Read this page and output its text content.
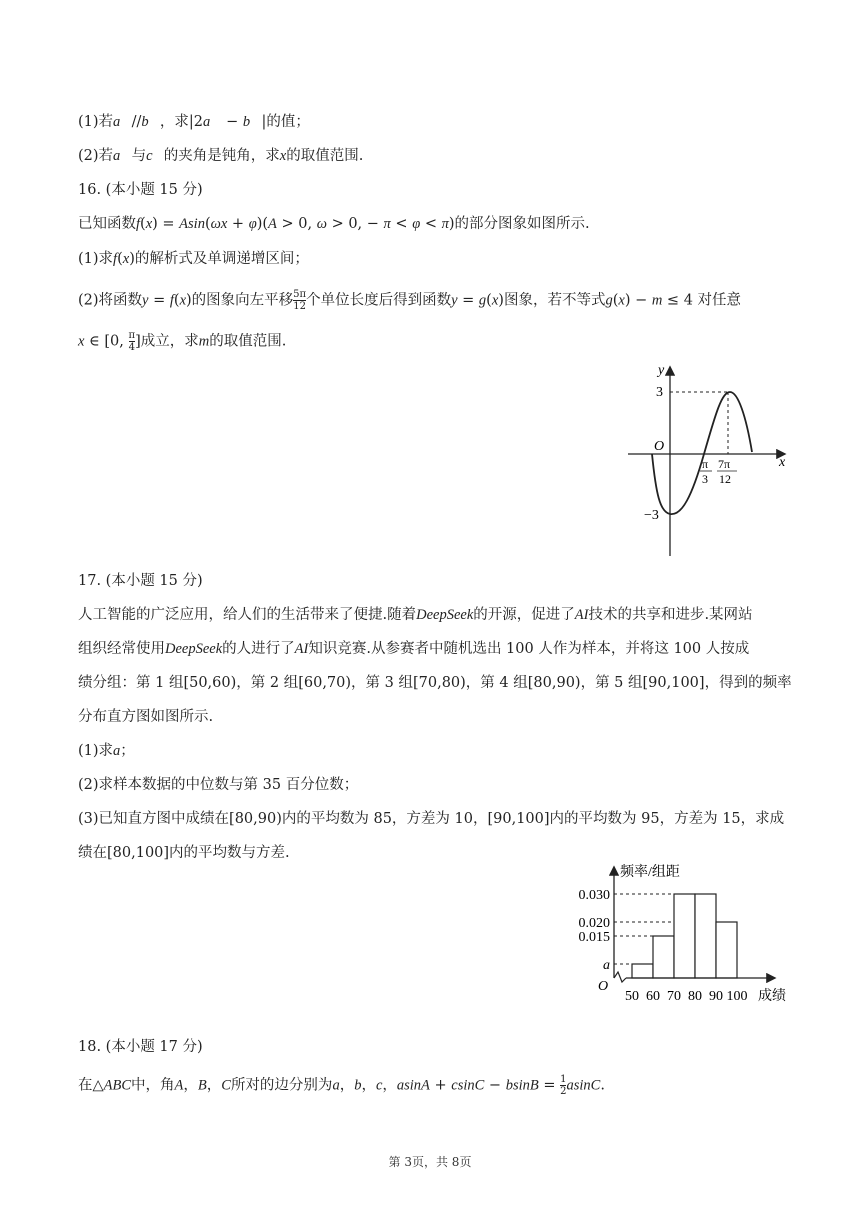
(1)若a⃗//b⃗，求|2a⃗ − b⃗|的值；
(2)若a⃗与c⃗的夹角是钝角，求x的取值范围.
16. (本小题 15 分)
已知函数f(x) = Asin(ωx + φ)(A > 0, ω > 0, − π < φ < π)的部分图象如图所示.
(1)求f(x)的解析式及单调递增区间；
(2)将函数y = f(x)的图象向左平移 $\frac{5\pi}{12}$ 个单位长度后得到函数y = g(x)图象，若不等式g(x) − m ≤ 4 对任意
x ∈ [0, $\frac{\pi}{4}$ ]成立，求m的取值范围.
y
x
O
3
−3
π
3
7π
12
17. (本小题 15 分)
人工智能的广泛应用，给人们的生活带来了便捷.随着DeepSeek的开源，促进了AI技术的共享和进步.某网站
组织经常使用DeepSeek的人进行了AI知识竞赛.从参赛者中随机选出 100 人作为样本，并将这 100 人按成
绩分组：第 1 组[50,60)，第 2 组[60,70)，第 3 组[70,80)，第 4 组[80,90)，第 5 组[90,100]，得到的频率
分布直方图如图所示.
(1)求a；
(2)求样本数据的中位数与第 35 百分位数；
(3)已知直方图中成绩在[80,90)内的平均数为 85，方差为 10，[90,100]内的平均数为 95，方差为 15，求成
绩在[80,100]内的平均数与方差.
频率/组距
成绩
O
a
0.015
0.020
0.030
50 60 70 80 90 100
18. (本小题 17 分)
在△ABC中，角A，B，C所对的边分别为a，b，c，$asinA + csinC - bsinB = \frac{1}{2} asinC$.
第 3页，共 8页
